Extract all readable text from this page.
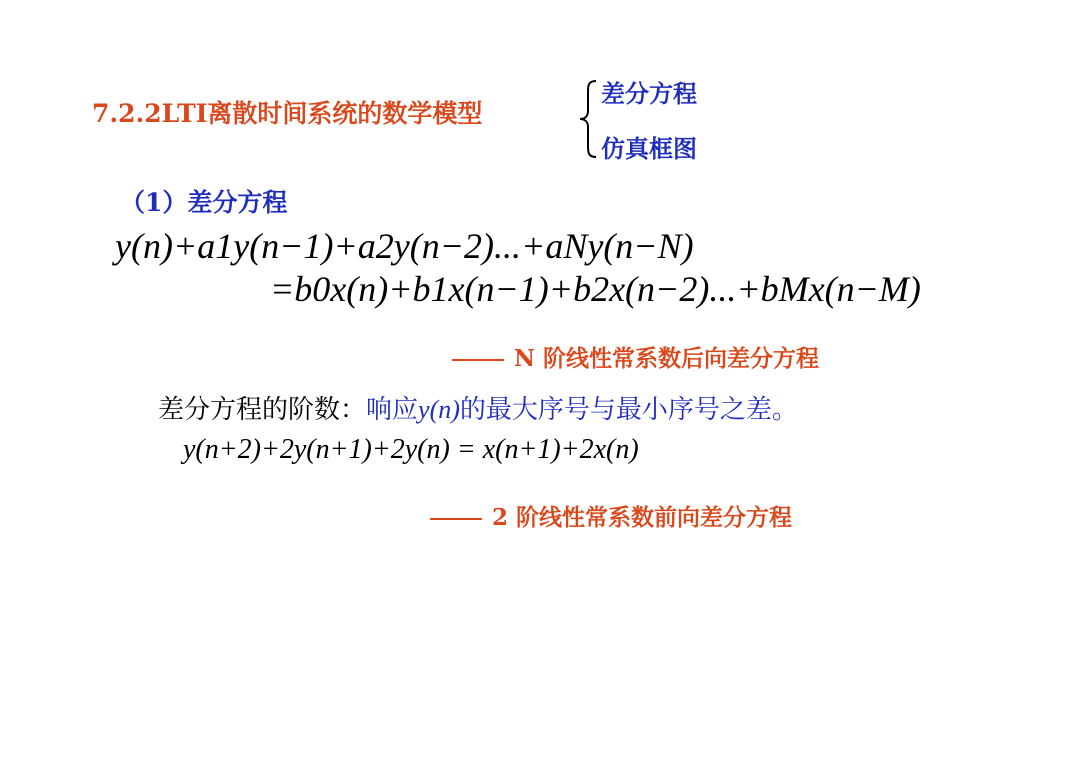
7.2.2LTI离散时间系统的数学模型
差分方程
仿真框图
（1）差分方程
y(n)+a1y(n−1)+a2y(n−2)...+aNy(n−N)
=b0x(n)+b1x(n−1)+b2x(n−2)...+bMx(n−M)
N 阶线性常系数后向差分方程
差分方程的阶数：响应y(n)的最大序号与最小序号之差。
y(n+2)+2y(n+1)+2y(n) = x(n+1)+2x(n)
2 阶线性常系数前向差分方程
